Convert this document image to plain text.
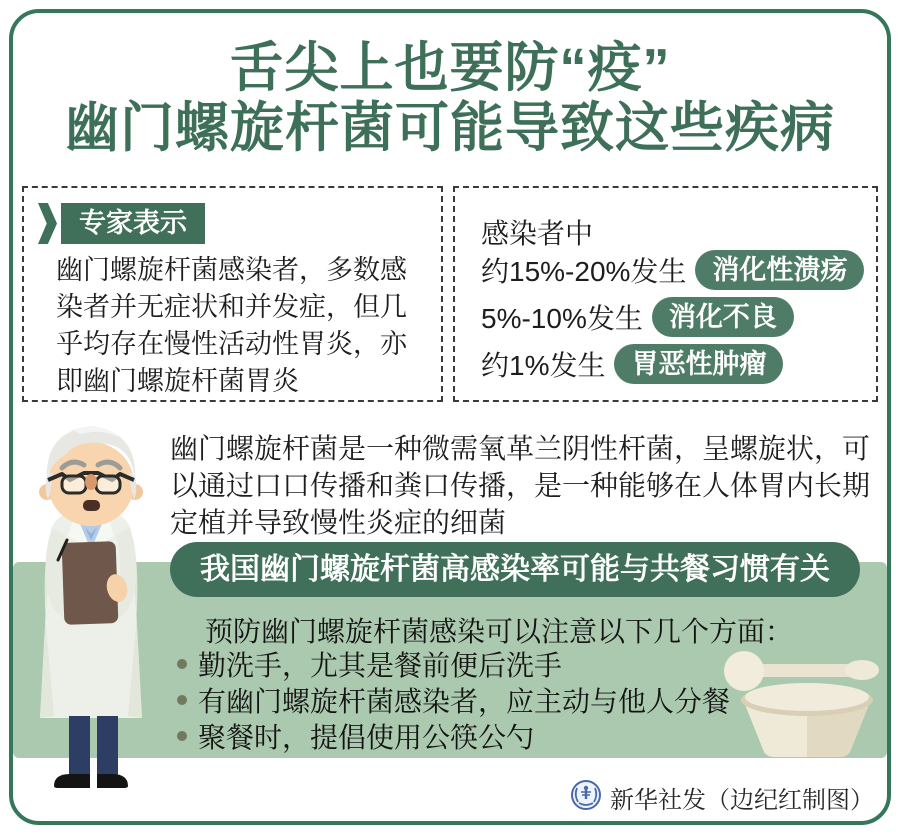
舌尖上也要防“疫”
幽门螺旋杆菌可能导致这些疾病
专家表示
幽门螺旋杆菌感染者，多数感染者并无症状和并发症，但几乎均存在慢性活动性胃炎，亦即幽门螺旋杆菌胃炎
感染者中
约15%-20%发生 消化性溃疡
5%-10%发生 消化不良
约1%发生 胃恶性肿瘤
幽门螺旋杆菌是一种微需氧革兰阴性杆菌，呈螺旋状，可以通过口口传播和粪口传播，是一种能够在人体胃内长期定植并导致慢性炎症的细菌
我国幽门螺旋杆菌高感染率可能与共餐习惯有关
预防幽门螺旋杆菌感染可以注意以下几个方面：
勤洗手，尤其是餐前便后洗手
有幽门螺旋杆菌感染者，应主动与他人分餐
聚餐时，提倡使用公筷公勺
新华社发（边纪红制图）
